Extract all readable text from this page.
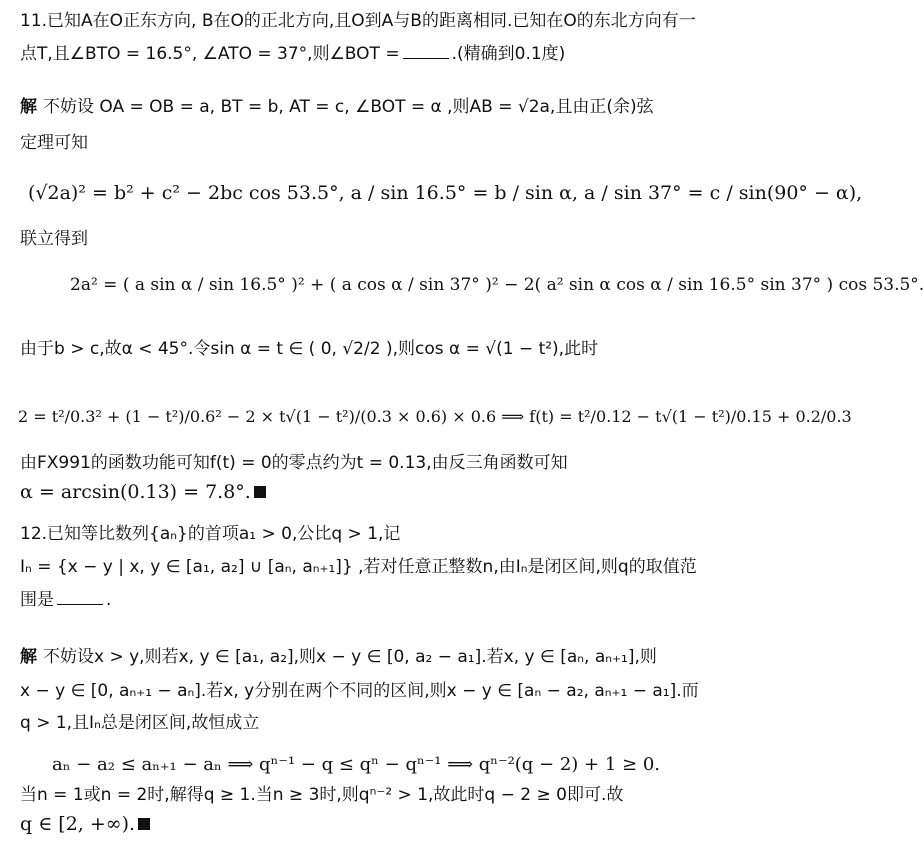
11.已知A在O正东方向, B在O的正北方向,且O到A与B的距离相同.已知在O的东北方向有一
点T,且∠BTO = 16.5°, ∠ATO = 37°,则∠BOT =	.(精确到0.1度)
解 不妨设 OA = OB = a, BT = b, AT = c, ∠BOT = α ,则AB = √2a,且由正(余)弦
定理可知
(√2a)² = b² + c² − 2bc cos 53.5°, a / sin 16.5° = b / sin α, a / sin 37° = c / sin(90° − α),
联立得到
2a² = ( a sin α / sin 16.5° )² + ( a cos α / sin 37° )² − 2( a² sin α cos α / sin 16.5° sin 37° ) cos 53.5°.
由于b > c,故α < 45°.令sin α = t ∈ ( 0, √2/2 ),则cos α = √(1 − t²),此时
2 = t²/0.3² + (1 − t²)/0.6² − 2 × t√(1 − t²)/(0.3 × 0.6) × 0.6 ⟹ f(t) = t²/0.12 − t√(1 − t²)/0.15 + 0.2/0.3
由FX991的函数功能可知f(t) = 0的零点约为t = 0.13,由反三角函数可知
α = arcsin(0.13) = 7.8°.
12.已知等比数列{aₙ}的首项a₁ > 0,公比q > 1,记
Iₙ = {x − y | x, y ∈ [a₁, a₂] ∪ [aₙ, aₙ₊₁]} ,若对任意正整数n,由Iₙ是闭区间,则q的取值范
围是	.
解 不妨设x > y,则若x, y ∈ [a₁, a₂],则x − y ∈ [0, a₂ − a₁].若x, y ∈ [aₙ, aₙ₊₁],则
x − y ∈ [0, aₙ₊₁ − aₙ].若x, y分别在两个不同的区间,则x − y ∈ [aₙ − a₂, aₙ₊₁ − a₁].而
q > 1,且Iₙ总是闭区间,故恒成立
aₙ − a₂ ≤ aₙ₊₁ − aₙ ⟹ qⁿ⁻¹ − q ≤ qⁿ − qⁿ⁻¹ ⟹ qⁿ⁻²(q − 2) + 1 ≥ 0.
当n = 1或n = 2时,解得q ≥ 1.当n ≥ 3时,则qⁿ⁻² > 1,故此时q − 2 ≥ 0即可.故
q ∈ [2, +∞).
